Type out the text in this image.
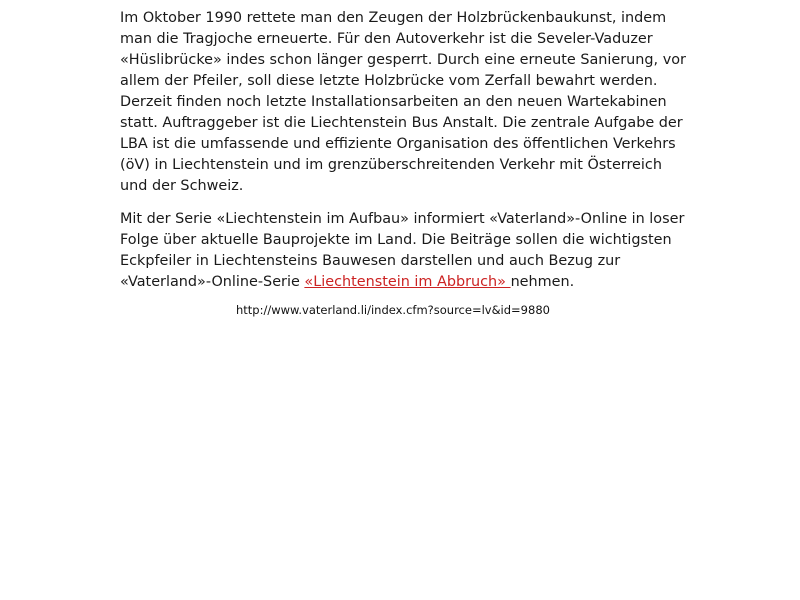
Im Oktober 1990 rettete man den Zeugen der Holzbrückenbaukunst, indem man die Tragjoche erneuerte. Für den Autoverkehr ist die Seveler-Vaduzer «Hüslibrücke» indes schon länger gesperrt. Durch eine erneute Sanierung, vor allem der Pfeiler, soll diese letzte Holzbrücke vom Zerfall bewahrt werden. Derzeit finden noch letzte Installationsarbeiten an den neuen Wartekabinen statt. Auftraggeber ist die Liechtenstein Bus Anstalt. Die zentrale Aufgabe der LBA ist die umfassende und effiziente Organisation des öffentlichen Verkehrs (öV) in Liechtenstein und im grenzüberschreitenden Verkehr mit Österreich und der Schweiz.

Mit der Serie «Liechtenstein im Aufbau» informiert «Vaterland»-Online in loser Folge über aktuelle Bauprojekte im Land. Die Beiträge sollen die wichtigsten Eckpfeiler in Liechtensteins Bauwesen darstellen und auch Bezug zur «Vaterland»-Online-Serie «Liechtenstein im Abbruch» nehmen.

http://www.vaterland.li/index.cfm?source=lv&id=9880
